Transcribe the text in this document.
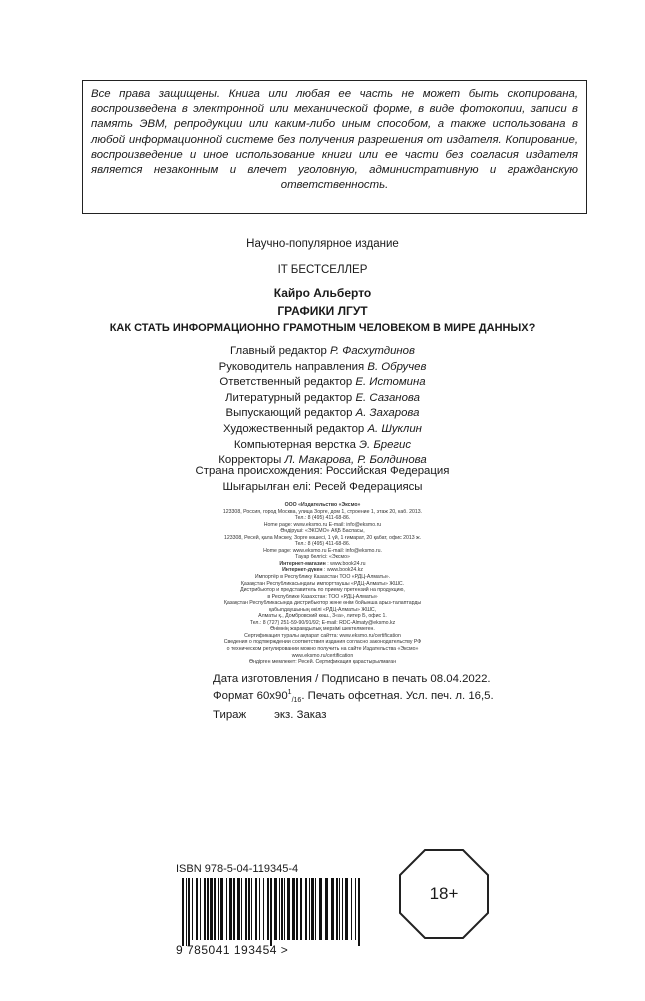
Все права защищены. Книга или любая ее часть не может быть скопирована, воспроизведена в электронной или механической форме, в виде фотокопии, записи в память ЭВМ, репродукции или каким-либо иным способом, а также использована в любой информационной системе без получения разрешения от издателя. Копирование, воспроизведение и иное использование книги или ее части без согласия издателя является незаконным и влечет уголовную, административную и гражданскую ответственность.

Научно-популярное издание
IT БЕСТСЕЛЛЕР
Кайро Альберто
ГРАФИКИ ЛГУТ
КАК СТАТЬ ИНФОРМАЦИОННО ГРАМОТНЫМ ЧЕЛОВЕКОМ В МИРЕ ДАННЫХ?
Главный редактор Р. Фасхутдинов
Руководитель направления В. Обручев
Ответственный редактор Е. Истомина
Литературный редактор Е. Сазанова
Выпускающий редактор А. Захарова
Художественный редактор А. Шуклин
Компьютерная верстка Э. Брегис
Корректоры Л. Макарова, Р. Болдинова
Страна происхождения: Российская Федерация
Шығарылған елі: Ресей Федерациясы
ООО «Издательство «Эксмо»
123308, Россия, город Москва, улица Зорге, дом 1, строение 1, этаж 20, каб. 2013.
Тел.: 8 (495) 411-68-86.
Home page: www.eksmo.ru E-mail: info@eksmo.ru
Өндіруші: «ЭКСМО» АҚБ Баспасы,
123308, Ресей, қала Мәскеу, Зорге көшесі, 1 үй, 1 ғимарат, 20 қабат, офис 2013 ж.
Тел.: 8 (495) 411-68-86.
Home page: www.eksmo.ru E-mail: info@eksmo.ru.
Тауар белгісі: «Эксмо»
Интернет-магазин : www.book24.ru
Интернет-дүкен : www.book24.kz
Импортёр в Республику Казахстан ТОО «РДЦ-Алматы».
Қазақстан Республикасындағы импорттаушы «РДЦ-Алматы» ЖШС.
Дистрибьютор и представитель по приему претензий на продукцию,
в Республике Казахстан: ТОО «РДЦ-Алматы»
Қазақстан Республикасында дистрибьютор және өнім бойынша арыз-талаптарды
қабылдаушының өкілі «РДЦ-Алматы» ЖШС,
Алматы қ., Домбровский көш., 3«а», литер Б, офис 1.
Тел.: 8 (727) 251-59-90/91/92; E-mail: RDC-Almaty@eksmo.kz
Өнімнің жарамдылық мерзімі шектелмеген.
Сертификация туралы ақпарат сайтта: www.eksmo.ru/certification
Сведения о подтверждении соответствия издания согласно законодательству РФ
о техническом регулировании можно получить на сайте Издательства «Эксмо»
www.eksmo.ru/certification
Өндірген мемлекет: Ресей. Сертификация қарастырылмаған
Дата изготовления / Подписано в печать 08.04.2022.
Формат $60x90^1_{/16}$. Печать офсетная. Усл. печ. л. 16,5.
Тираж экз. Заказ
ISBN 978-5-04-119345-4
9 785041 193454 >
18+
